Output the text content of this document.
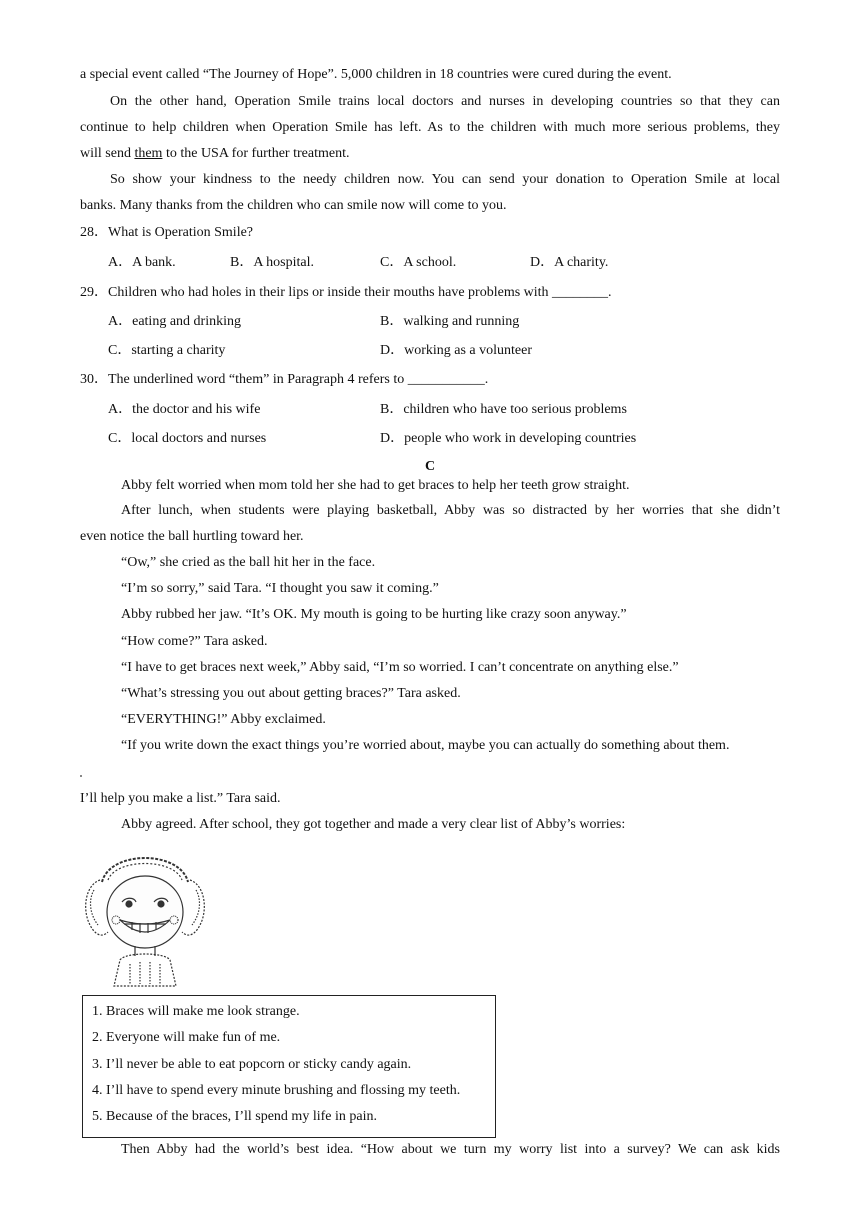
a special event called “The Journey of Hope”. 5,000 children in 18 countries were cured during the event.
On the other hand, Operation Smile trains local doctors and nurses in developing countries so that they can
continue to help children when Operation Smile has left. As to the children with much more serious problems, they
will send them to the USA for further treatment.
So show your kindness to the needy children now. You can send your donation to Operation Smile at local
banks. Many thanks from the children who can smile now will come to you.
28．What is Operation Smile?
A．A bank.	B．A hospital.	C．A school.	D．A charity.
29．Children who had holes in their lips or inside their mouths have problems with ________.
A．eating and drinking	B．walking and running
C．starting a charity	D．working as a volunteer
30．The underlined word “them” in Paragraph 4 refers to ___________.
A．the doctor and his wife	B．children who have too serious problems
C．local doctors and nurses	D．people who work in developing countries
C
Abby felt worried when mom told her she had to get braces to help her teeth grow straight.
After lunch, when students were playing basketball, Abby was so distracted by her worries that she didn’t
even notice the ball hurtling toward her.
“Ow,” she cried as the ball hit her in the face.
“I’m so sorry,” said Tara. “I thought you saw it coming.”
Abby rubbed her jaw. “It’s OK. My mouth is going to be hurting like crazy soon anyway.”
“How come?” Tara asked.
“I have to get braces next week,” Abby said, “I’m so worried. I can’t concentrate on anything else.”
“What’s stressing you out about getting braces?” Tara asked.
“EVERYTHING!” Abby exclaimed.
“If you write down the exact things you’re worried about, maybe you can actually do something about them.
I’ll help you make a list.” Tara said.
Abby agreed. After school, they got together and made a very clear list of Abby’s worries:
1. Braces will make me look strange.
2. Everyone will make fun of me.
3. I’ll never be able to eat popcorn or sticky candy again.
4. I’ll have to spend every minute brushing and flossing my teeth.
5. Because of the braces, I’ll spend my life in pain.
Then Abby had the world’s best idea. “How about we turn my worry list into a survey? We can ask kids
